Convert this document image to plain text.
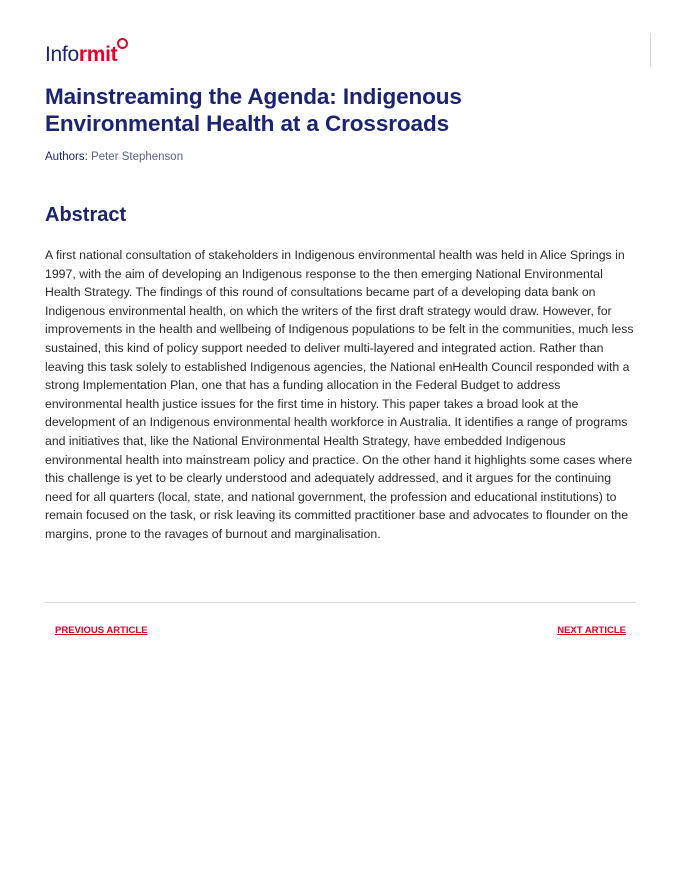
Info rmit
Mainstreaming the Agenda: Indigenous Environmental Health at a Crossroads
Authors: Peter Stephenson
Abstract

A first national consultation of stakeholders in Indigenous environmental health was held in Alice Springs in 1997, with the aim of developing an Indigenous response to the then emerging National Environmental Health Strategy. The findings of this round of consultations became part of a developing data bank on Indigenous environmental health, on which the writers of the first draft strategy would draw. However, for improvements in the health and wellbeing of Indigenous populations to be felt in the communities, much less sustained, this kind of policy support needed to deliver multi-layered and integrated action. Rather than leaving this task solely to established Indigenous agencies, the National enHealth Council responded with a strong Implementation Plan, one that has a funding allocation in the Federal Budget to address environmental health justice issues for the first time in history. This paper takes a broad look at the development of an Indigenous environmental health workforce in Australia. It identifies a range of programs and initiatives that, like the National Environmental Health Strategy, have embedded Indigenous environmental health into mainstream policy and practice. On the other hand it highlights some cases where this challenge is yet to be clearly understood and adequately addressed, and it argues for the continuing need for all quarters (local, state, and national government, the profession and educational institutions) to remain focused on the task, or risk leaving its committed practitioner base and advocates to flounder on the margins, prone to the ravages of burnout and marginalisation.

PREVIOUS ARTICLE	NEXT ARTICLE
